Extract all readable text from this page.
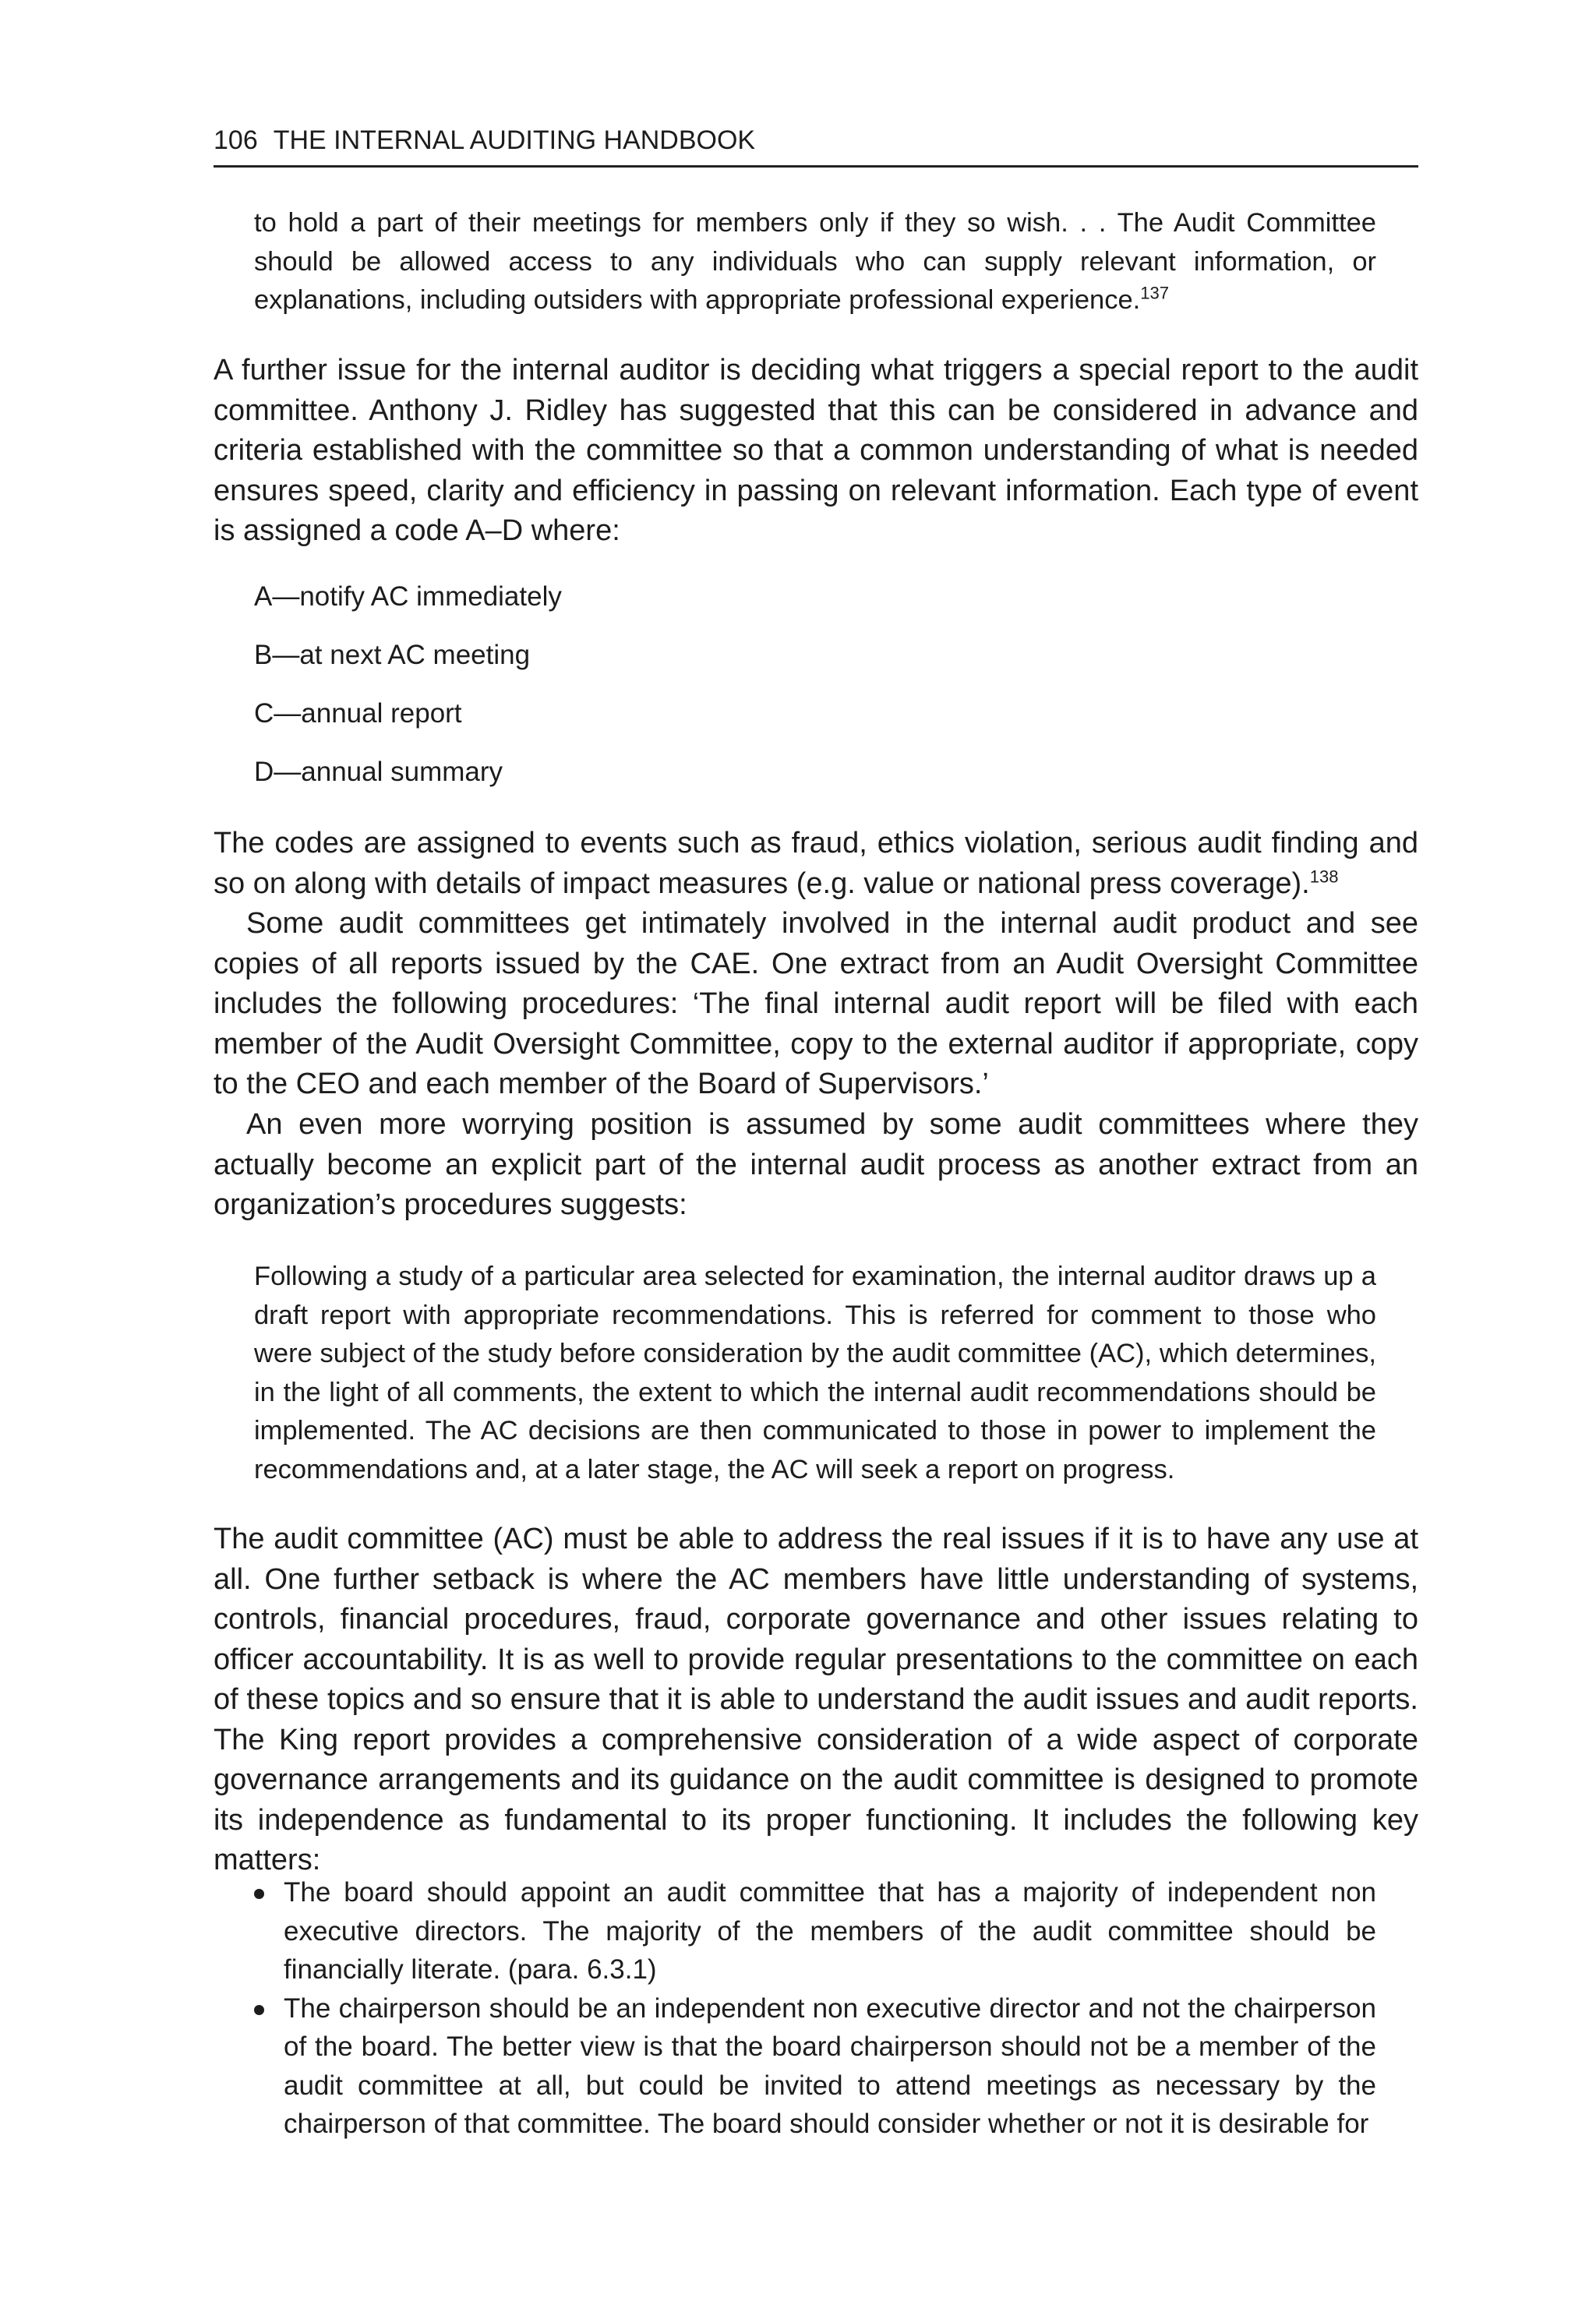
106 THE INTERNAL AUDITING HANDBOOK

to hold a part of their meetings for members only if they so wish. . . The Audit Committee should be allowed access to any individuals who can supply relevant information, or explanations, including outsiders with appropriate professional experience.$^{137}$

A further issue for the internal auditor is deciding what triggers a special report to the audit committee. Anthony J. Ridley has suggested that this can be considered in advance and criteria established with the committee so that a common understanding of what is needed ensures speed, clarity and efficiency in passing on relevant information. Each type of event is assigned a code A–D where:

A—notify AC immediately

B—at next AC meeting

C—annual report

D—annual summary

The codes are assigned to events such as fraud, ethics violation, serious audit finding and so on along with details of impact measures (e.g. value or national press coverage).$^{138}$

Some audit committees get intimately involved in the internal audit product and see copies of all reports issued by the CAE. One extract from an Audit Oversight Committee includes the following procedures: ‘The final internal audit report will be filed with each member of the Audit Oversight Committee, copy to the external auditor if appropriate, copy to the CEO and each member of the Board of Supervisors.’

An even more worrying position is assumed by some audit committees where they actually become an explicit part of the internal audit process as another extract from an organization’s procedures suggests:

Following a study of a particular area selected for examination, the internal auditor draws up a draft report with appropriate recommendations. This is referred for comment to those who were subject of the study before consideration by the audit committee (AC), which determines, in the light of all comments, the extent to which the internal audit recommendations should be implemented. The AC decisions are then communicated to those in power to implement the recommendations and, at a later stage, the AC will seek a report on progress.

The audit committee (AC) must be able to address the real issues if it is to have any use at all. One further setback is where the AC members have little understanding of systems, controls, financial procedures, fraud, corporate governance and other issues relating to officer accountability. It is as well to provide regular presentations to the committee on each of these topics and so ensure that it is able to understand the audit issues and audit reports. The King report provides a comprehensive consideration of a wide aspect of corporate governance arrangements and its guidance on the audit committee is designed to promote its independence as fundamental to its proper functioning. It includes the following key matters:

The board should appoint an audit committee that has a majority of independent non executive directors. The majority of the members of the audit committee should be financially literate. (para. 6.3.1)
The chairperson should be an independent non executive director and not the chairperson of the board. The better view is that the board chairperson should not be a member of the audit committee at all, but could be invited to attend meetings as necessary by the chairperson of that committee. The board should consider whether or not it is desirable for
